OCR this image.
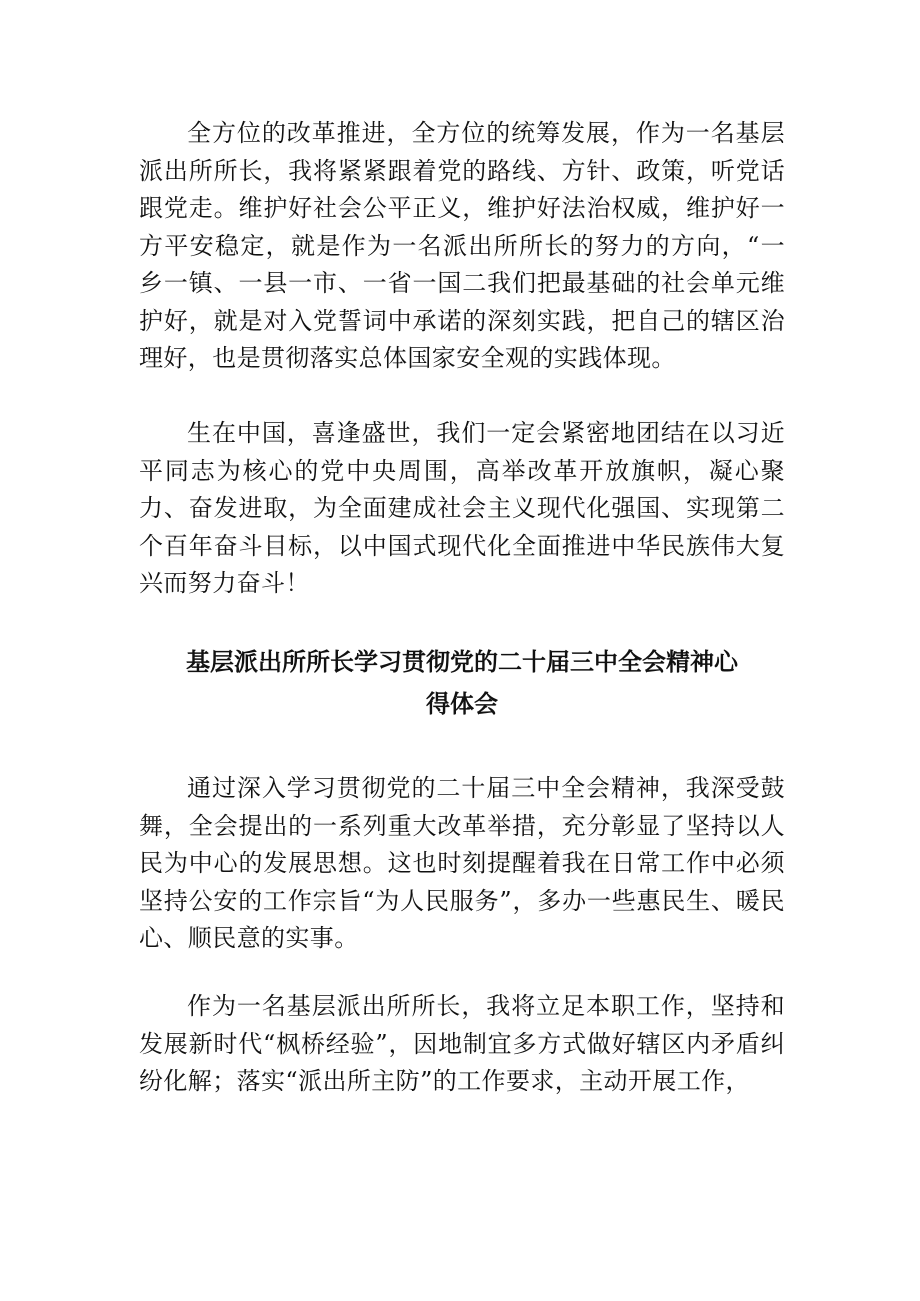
全方位的改革推进，全方位的统筹发展，作为一名基层派出所所长，我将紧紧跟着党的路线、方针、政策，听党话跟党走。维护好社会公平正义，维护好法治权威，维护好一方平安稳定，就是作为一名派出所所长的努力的方向，“一乡一镇、一县一市、一省一国二我们把最基础的社会单元维护好，就是对入党誓词中承诺的深刻实践，把自己的辖区治理好，也是贯彻落实总体国家安全观的实践体现。

生在中国，喜逢盛世，我们一定会紧密地团结在以习近平同志为核心的党中央周围，高举改革开放旗帜，凝心聚力、奋发进取，为全面建成社会主义现代化强国、实现第二个百年奋斗目标，以中国式现代化全面推进中华民族伟大复兴而努力奋斗！

基层派出所所长学习贯彻党的二十届三中全会精神心
得体会

通过深入学习贯彻党的二十届三中全会精神，我深受鼓舞，全会提出的一系列重大改革举措，充分彰显了坚持以人民为中心的发展思想。这也时刻提醒着我在日常工作中必须坚持公安的工作宗旨“为人民服务”，多办一些惠民生、暖民心、顺民意的实事。

作为一名基层派出所所长，我将立足本职工作，坚持和发展新时代“枫桥经验”，因地制宜多方式做好辖区内矛盾纠纷化解；落实“派出所主防”的工作要求，主动开展工作，
